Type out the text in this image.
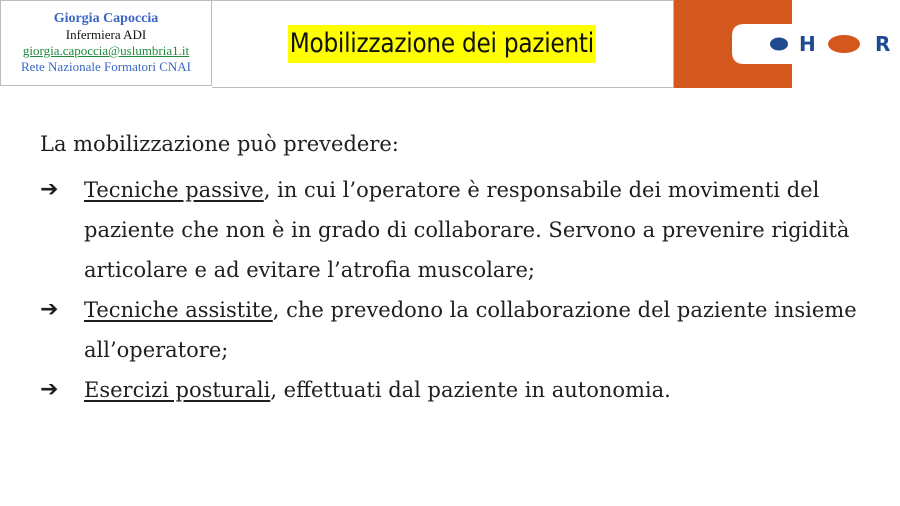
Giorgia Capoccia
Infermiera ADI
giorgia.capoccia@uslumbria1.it
Rete Nazionale Formatori CNAI
Mobilizzazione dei pazienti	H	R

La mobilizzazione può prevedere:

➔	Tecniche passive, in cui l’operatore è responsabile dei movimenti del paziente che non è in grado di collaborare. Servono a prevenire rigidità articolare e ad evitare l’atrofia muscolare;

➔	Tecniche assistite, che prevedono la collaborazione del paziente insieme all’operatore;

➔	Esercizi posturali, effettuati dal paziente in autonomia.
